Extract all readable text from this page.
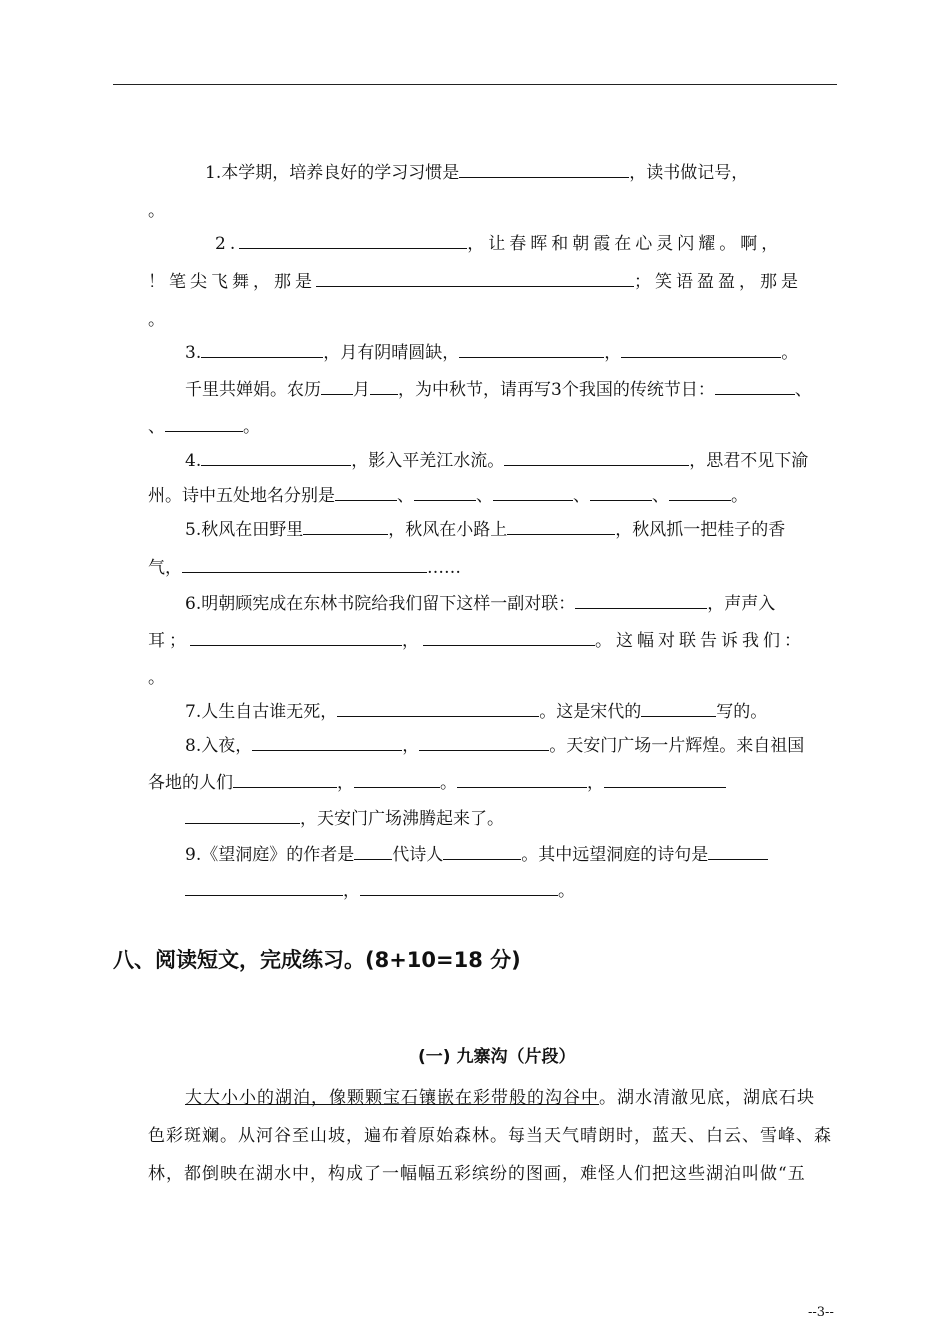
1.本学期，培养良好的学习习惯是	，读书做记号，
。
2.	，让春晖和朝霞在心灵闪耀。啊，
！笔尖飞舞，那是	；笑语盈盈，那是
。
3.	，月有阴晴圆缺，	，	。
千里共婵娟。农历 月 ，为中秋节，请再写3个我国的传统节日：	、
、	。
4.	，影入平羌江水流。	，思君不见下渝
州。诗中五处地名分别是	、	、	、	、	。
5.秋风在田野里	，秋风在小路上	，秋风抓一把桂子的香
气，	……
6.明朝顾宪成在东林书院给我们留下这样一副对联：	，声声入
耳；	，	。这幅对联告诉我们：
。
7.人生自古谁无死，	。这是宋代的	写的。
8.入夜，	，	。天安门广场一片辉煌。来自祖国
各地的人们	，	。	，
，天安门广场沸腾起来了。
9.《望洞庭》的作者是 代诗人	。其中远望洞庭的诗句是
，	。
八、阅读短文，完成练习。(8+10=18 分)
(一) 九寨沟（片段）
大大小小的湖泊，像颗颗宝石镶嵌在彩带般的沟谷中。湖水清澈见底，湖底石块
色彩斑斓。从河谷至山坡，遍布着原始森林。每当天气晴朗时，蓝天、白云、雪峰、森
林，都倒映在湖水中，构成了一幅幅五彩缤纷的图画，难怪人们把这些湖泊叫做“五
--3--
